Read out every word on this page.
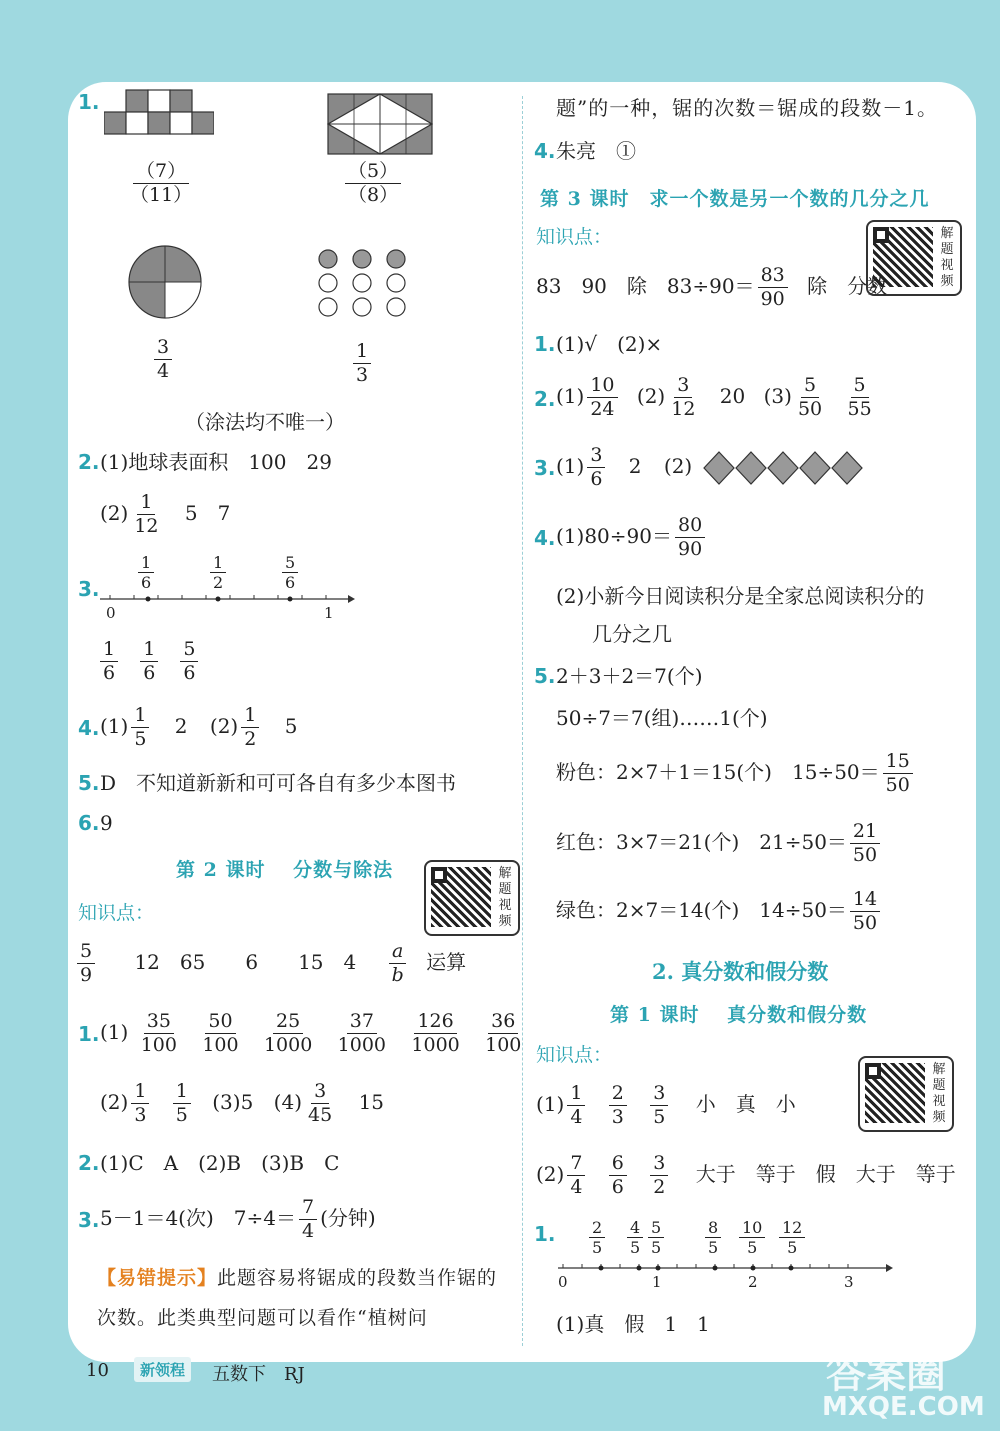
1.
$\frac{(7)}{(11)}$	$\frac{(5)}{(8)}$
$\frac{3}{4}$	$\frac{1}{3}$
（涂法均不唯一）
2. (1)地球表面积　100　29
$(2) \frac{1}{12} 5$　7
3. $\frac{1}{6}$	$\frac{1}{2}$	$\frac{5}{6}$
0	1
$\frac{1}{6}$
$\frac{1}{6}$
$\frac{5}{6}$
4. $(1) \frac{1}{5} 2$ $(2) \frac{1}{2} 5$
5. D　不知道新新和可可各自有多少本图书
6. 9
第 2 课时　 分数与除法	解题视频
知识点：
$\frac{5}{9} 12$　65　　6　　15　$4 \frac{a}{b}$ 运算
1. $(1) \frac{35}{100}$
$\frac{50}{100}$
$\frac{25}{1000}$
$\frac{37}{1000}$
$\frac{126}{1000}$
$\frac{36}{100}$
$(2) \frac{1}{3}$
$\frac{1}{5} (3)5$ $(4) \frac{3}{45} 15$
2. (1)C　A　(2)B　(3)B　C
3. 5－1＝4(次)　$7\div 4= \frac{7}{4}$ (分钟)
【易错提示】此题容易将锯成的段数当作锯的次数。此类典型问题可以看作“植树问
题”的一种，锯的次数＝锯成的段数－1。
4. 朱亮　①
第 3 课时　求一个数是另一个数的几分之几
解题视频
知识点：
83　90　除　$83\div 90= \frac{83}{90}$ 除　分数
1. (1)√　(2)×
2. $(1) \frac{10}{24} (2) \frac{3}{12} 20$ $(3) \frac{5}{50}$
$\frac{5}{55}$
3. $(1) \frac{3}{6} 2$ (2)
4. $(1)80\div 90= \frac{80}{90}$
(2)小新今日阅读积分是全家总阅读积分的
几分之几
5. 2＋3＋2＝7(个)
50÷7＝7(组)……1(个)
粉色：2×7＋1＝15(个)　$15\div 50= \frac{15}{50}$
红色：3×7＝21(个)　$21\div 50= \frac{21}{50}$
绿色：2×7＝14(个)　$14\div 50= \frac{14}{50}$
2. 真分数和假分数
第 1 课时　 真分数和假分数
解题视频
知识点：
$(1) \frac{1}{4}$
$\frac{2}{3}$
$\frac{3}{5}$ 小　真　小
$(2) \frac{7}{4}$
$\frac{6}{6}$
$\frac{3}{2}$ 大于　等于　假　大于　等于
1. $\frac{2}{5} \frac{4}{5} \frac{5}{5}$	$\frac{8}{5} \frac{10}{5} \frac{12}{5}$
0	1	2	3
(1)真　假　1　1
10	新领程	五数下　RJ	答案圈
MXQE.COM
